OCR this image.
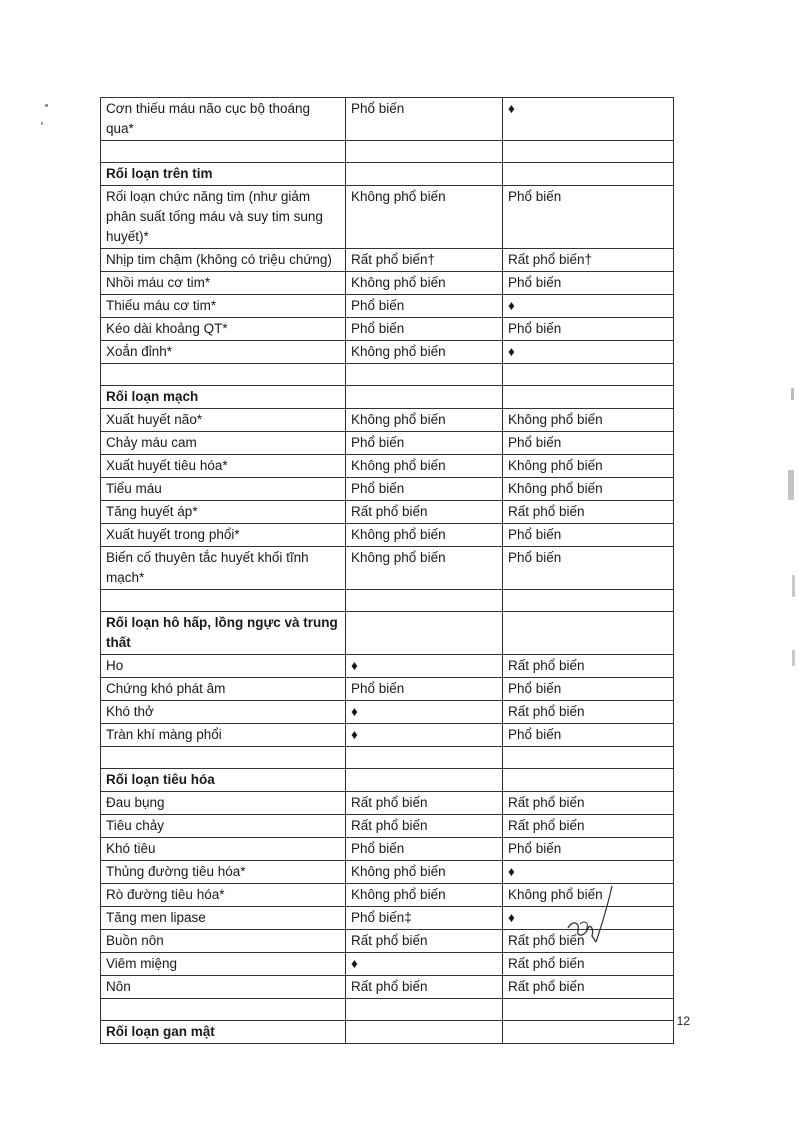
Cơn thiếu máu não cục bộ thoáng qua*	Phổ biến	♦

Rối loạn trên tim		
Rối loạn chức năng tim (như giảm phân suất tống máu và suy tim sung huyết)*	Không phổ biến	Phổ biến
Nhịp tim chậm (không có triệu chứng)	Rất phổ biến†	Rất phổ biến†
Nhồi máu cơ tim*	Không phổ biến	Phổ biến
Thiếu máu cơ tim*	Phổ biến	♦
Kéo dài khoảng QT*	Phổ biến	Phổ biến
Xoắn đỉnh*	Không phổ biến	♦

Rối loạn mạch		
Xuất huyết não*	Không phổ biến	Không phổ biến
Chảy máu cam	Phổ biến	Phổ biến
Xuất huyết tiêu hóa*	Không phổ biến	Không phổ biến
Tiểu máu	Phổ biến	Không phổ biến
Tăng huyết áp*	Rất phổ biến	Rất phổ biến
Xuất huyết trong phổi*	Không phổ biến	Phổ biến
Biến cố thuyên tắc huyết khối tĩnh mạch*	Không phổ biến	Phổ biến

Rối loạn hô hấp, lồng ngực và trung thất		
Ho	♦	Rất phổ biến
Chứng khó phát âm	Phổ biến	Phổ biến
Khó thở	♦	Rất phổ biến
Tràn khí màng phổi	♦	Phổ biến

Rối loạn tiêu hóa		
Đau bụng	Rất phổ biến	Rất phổ biến
Tiêu chảy	Rất phổ biến	Rất phổ biến
Khó tiêu	Phổ biến	Phổ biến
Thủng đường tiêu hóa*	Không phổ biến	♦
Rò đường tiêu hóa*	Không phổ biến	Không phổ biến
Tăng men lipase	Phổ biến‡	♦
Buồn nôn	Rất phổ biến	Rất phổ biến
Viêm miệng	♦	Rất phổ biến
Nôn	Rất phổ biến	Rất phổ biến

Rối loạn gan mật		
12
